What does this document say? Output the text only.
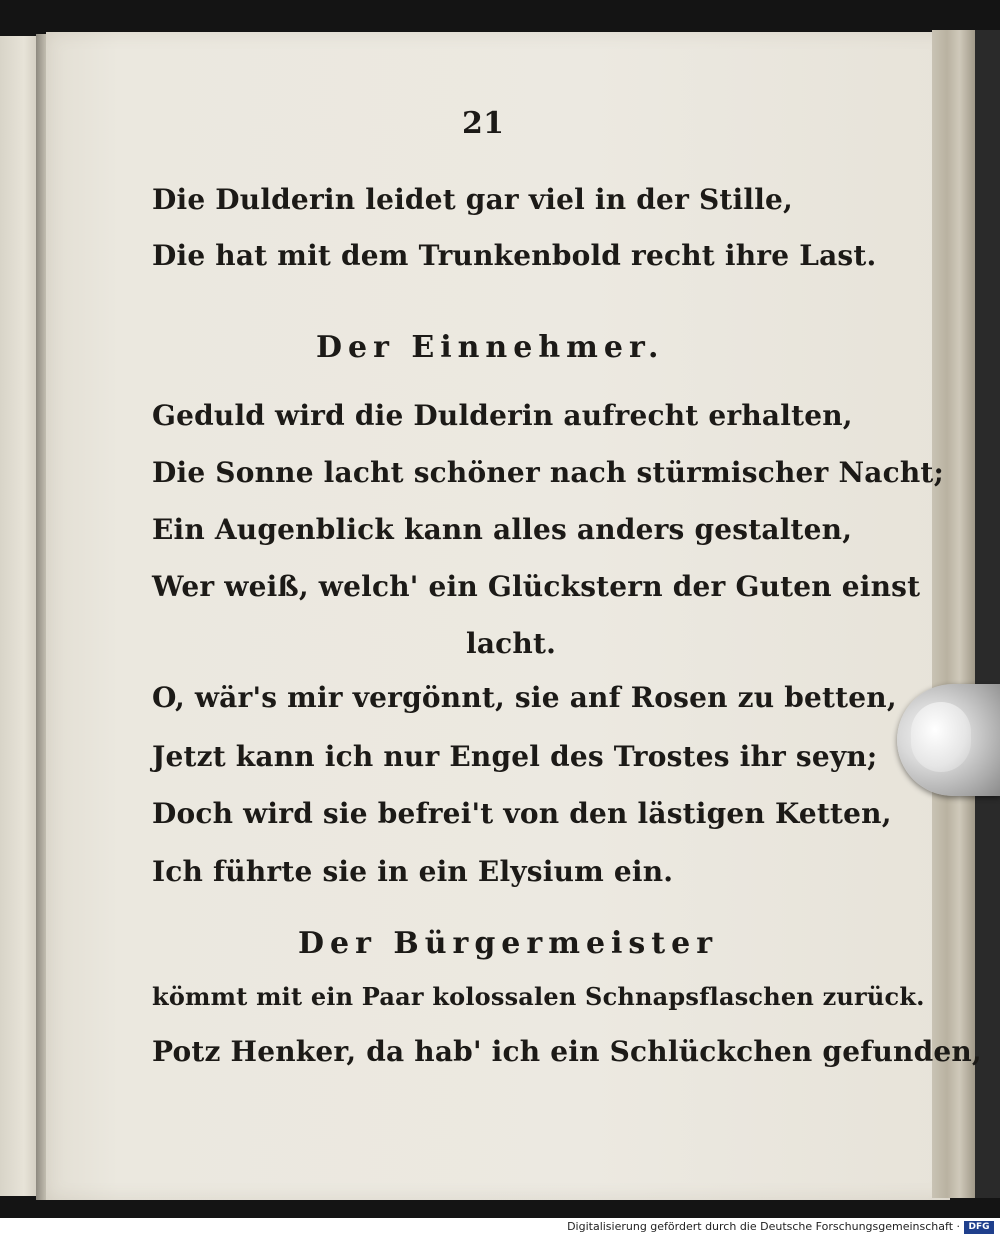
21
Die Dulderin leidet gar viel in der Stille,
Die hat mit dem Trunkenbold recht ihre Last.
Der Einnehmer.
Geduld wird die Dulderin aufrecht erhalten,
Die Sonne lacht schöner nach stürmischer Nacht;
Ein Augenblick kann alles anders gestalten,
Wer weiß, welch' ein Glückstern der Guten einst
lacht.
O, wär's mir vergönnt, sie anf Rosen zu betten,
Jetzt kann ich nur Engel des Trostes ihr seyn;
Doch wird sie befrei't von den lästigen Ketten,
Ich führte sie in ein Elysium ein.
Der Bürgermeister
kömmt mit ein Paar kolossalen Schnapsflaschen zurück.
Potz Henker, da hab' ich ein Schlückchen gefunden,
Digitalisierung gefördert durch die Deutsche Forschungsgemeinschaft · DFG
